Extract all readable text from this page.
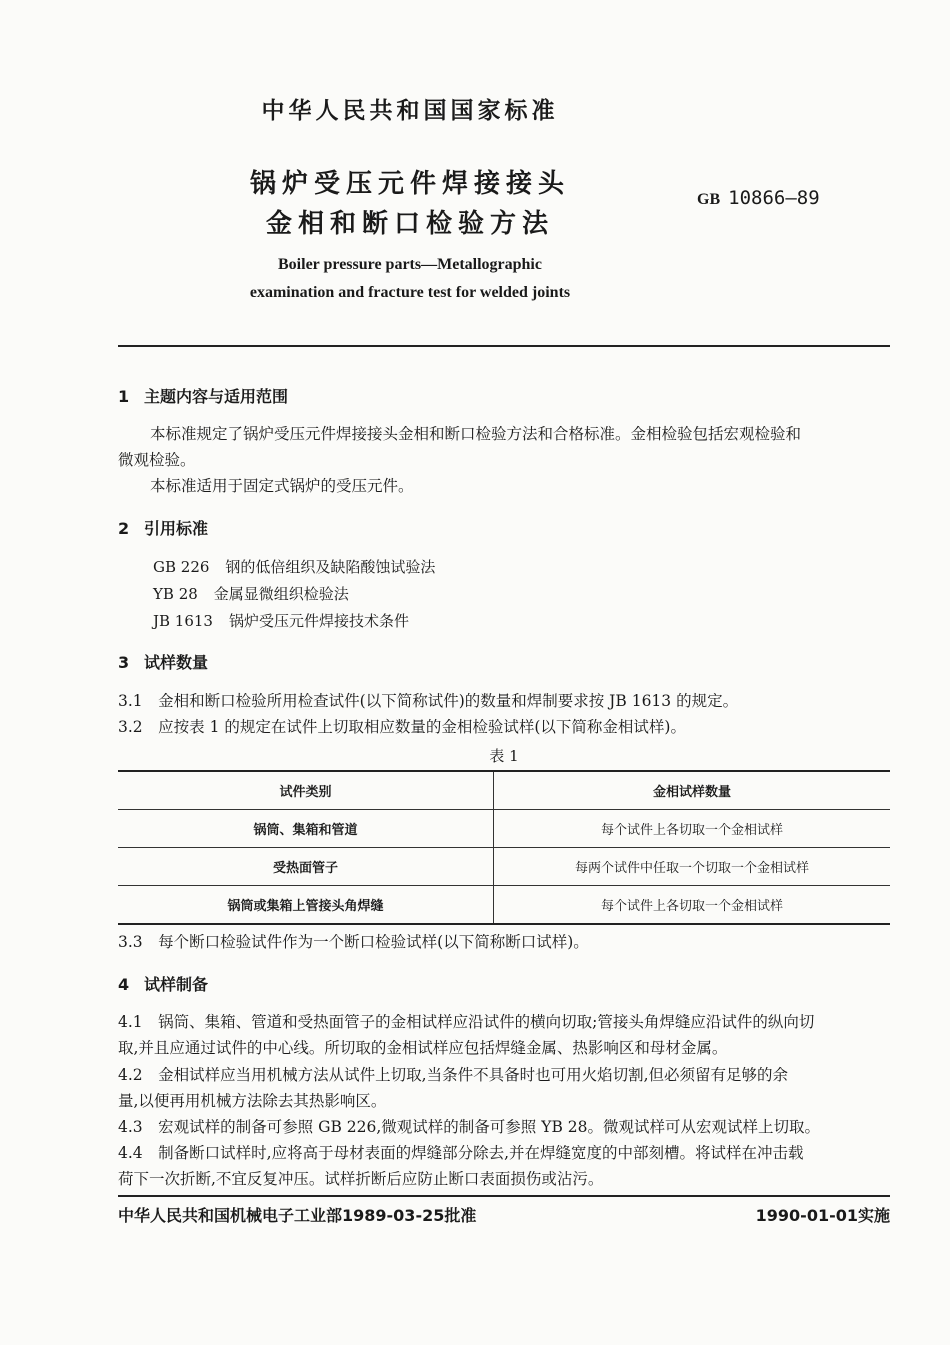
中华人民共和国国家标准
锅炉受压元件焊接接头
金相和断口检验方法
GB 10866—89
Boiler pressure parts—Metallographic
examination and fracture test for welded joints
1 主题内容与适用范围
本标准规定了锅炉受压元件焊接接头金相和断口检验方法和合格标准。金相检验包括宏观检验和
微观检验。
本标准适用于固定式锅炉的受压元件。
2 引用标准
GB 226 钢的低倍组织及缺陷酸蚀试验法
YB 28 金属显微组织检验法
JB 1613 锅炉受压元件焊接技术条件
3 试样数量
3.1　金相和断口检验所用检查试件(以下简称试件)的数量和焊制要求按 JB 1613 的规定。
3.2　应按表 1 的规定在试件上切取相应数量的金相检验试样(以下简称金相试样)。
表 1
试件类别	金相试样数量
锅筒、集箱和管道	每个试件上各切取一个金相试样
受热面管子	每两个试件中任取一个切取一个金相试样
锅筒或集箱上管接头角焊缝	每个试件上各切取一个金相试样
3.3　每个断口检验试件作为一个断口检验试样(以下简称断口试样)。
4 试样制备
4.1　锅筒、集箱、管道和受热面管子的金相试样应沿试件的横向切取;管接头角焊缝应沿试件的纵向切
取,并且应通过试件的中心线。所切取的金相试样应包括焊缝金属、热影响区和母材金属。
4.2　金相试样应当用机械方法从试件上切取,当条件不具备时也可用火焰切割,但必须留有足够的余
量,以便再用机械方法除去其热影响区。
4.3　宏观试样的制备可参照 GB 226,微观试样的制备可参照 YB 28。微观试样可从宏观试样上切取。
4.4　制备断口试样时,应将高于母材表面的焊缝部分除去,并在焊缝宽度的中部刻槽。将试样在冲击载
荷下一次折断,不宜反复冲压。试样折断后应防止断口表面损伤或沾污。
中华人民共和国机械电子工业部1989-03-25批准	1990-01-01实施
